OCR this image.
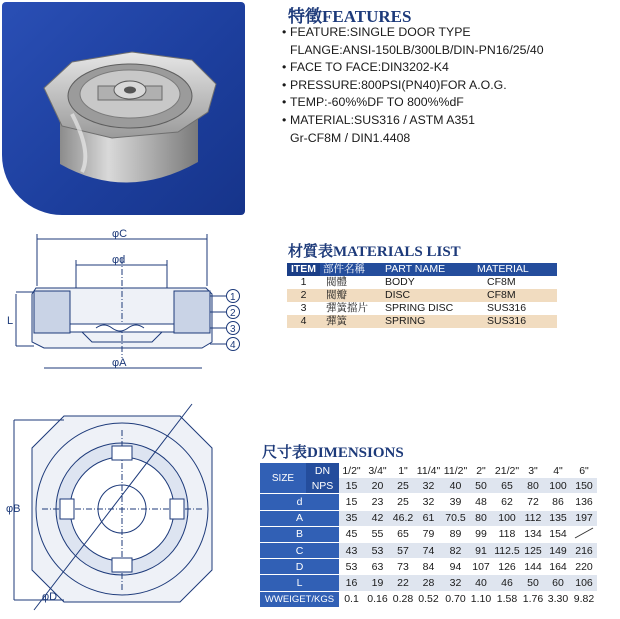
特徵FEATURES
• FEATURE:SINGLE DOOR TYPE
FLANGE:ANSI-150LB/300LB/DIN-PN16/25/40
• FACE TO FACE:DIN3202-K4
• PRESSURE:800PSI(PN40)FOR A.O.G.
• TEMP:-60%%DF TO 800%%dF
• MATERIAL:SUS316 / ASTM A351
Gr-CF8M / DIN1.4408
φC
φd
φA
L
1
2
3
4
φB
φD
材質表MATERIALS LIST
ITEM	部件名稱	PART NAME	MATERIAL
1	閥體	BODY	CF8M
2	閥瓣	DISC	CF8M
3	彈簧擋片	SPRING DISC	SUS316
4	彈簧	SPRING	SUS316
尺寸表DIMENSIONS
SIZE	DN	1/2"	3/4"	1"	11/4"	11/2"	2"	21/2"	3"	4"	6"
	NPS	15	20	25	32	40	50	65	80	100	150
d		15	23	25	32	39	48	62	72	86	136
A		35	42	46.2	61	70.5	80	100	112	135	197
B		45	55	65	79	89	99	118	134	154	
C		43	53	57	74	82	91	112.5	125	149	216
D		53	63	73	84	94	107	126	144	164	220
L		16	19	22	28	32	40	46	50	60	106
WWEIGET/KGS		0.1	0.16	0.28	0.52	0.70	1.10	1.58	1.76	3.30	9.82
